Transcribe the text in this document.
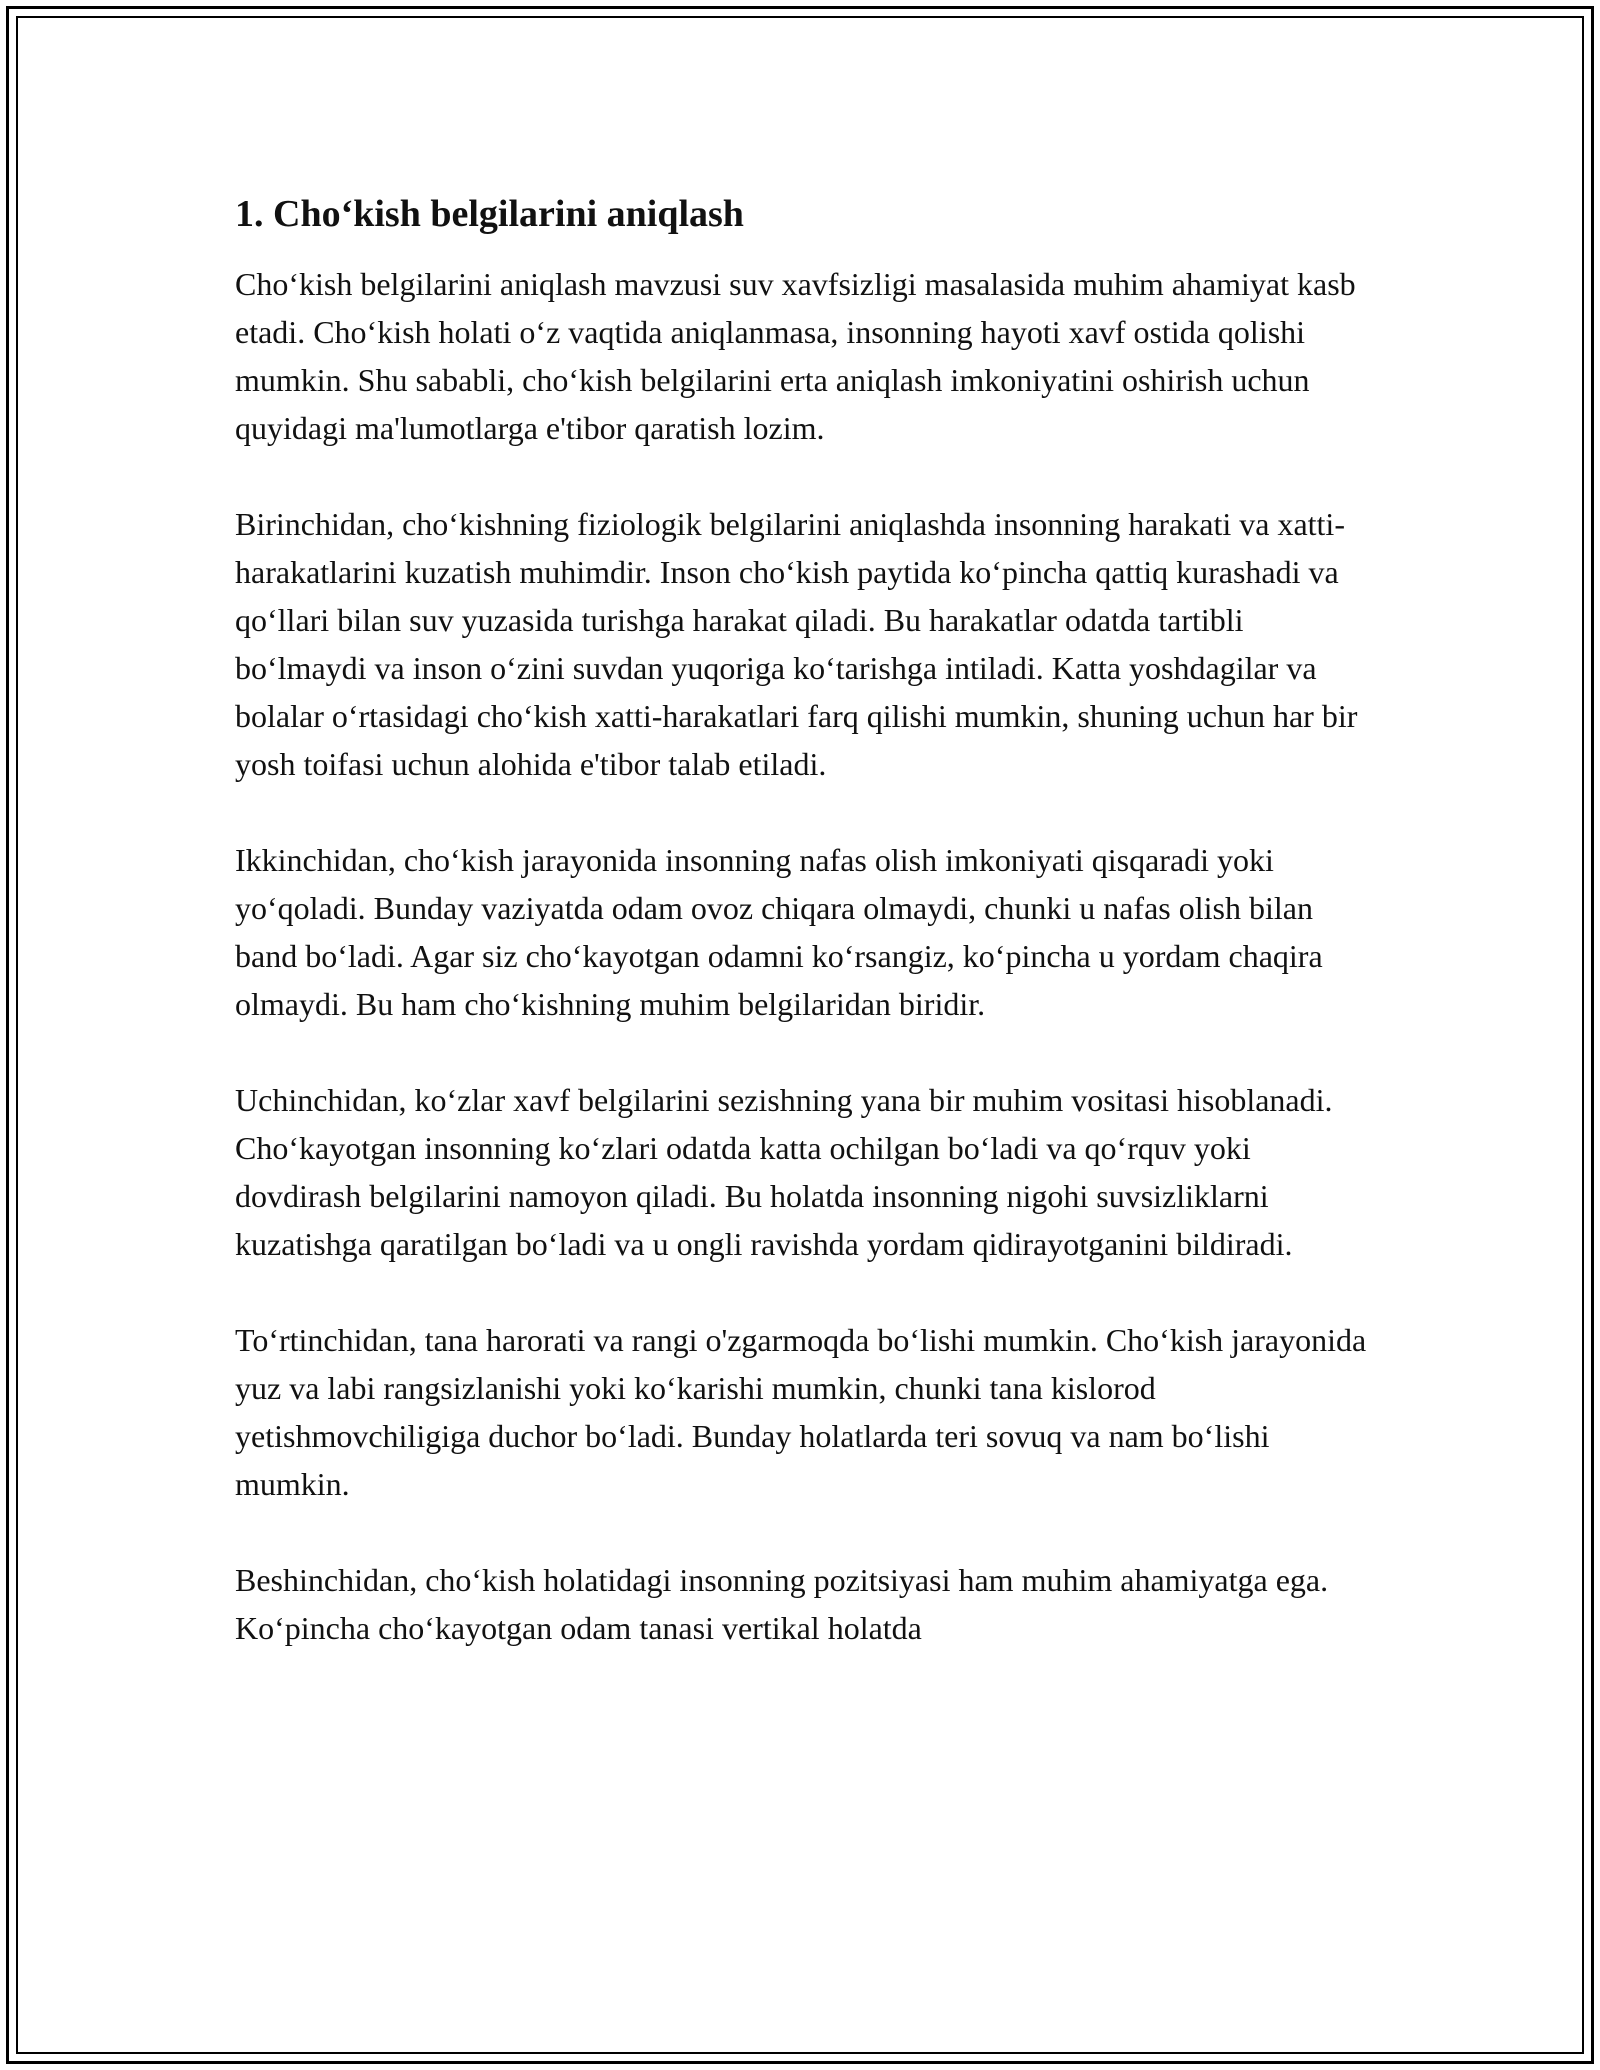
1. Cho‘kish belgilarini aniqlash

Cho‘kish belgilarini aniqlash mavzusi suv xavfsizligi masalasida muhim ahamiyat kasb etadi. Cho‘kish holati o‘z vaqtida aniqlanmasa, insonning hayoti xavf ostida qolishi mumkin. Shu sababli, cho‘kish belgilarini erta aniqlash imkoniyatini oshirish uchun quyidagi ma'lumotlarga e'tibor qaratish lozim.

Birinchidan, cho‘kishning fiziologik belgilarini aniqlashda insonning harakati va xatti-harakatlarini kuzatish muhimdir. Inson cho‘kish paytida ko‘pincha qattiq kurashadi va qo‘llari bilan suv yuzasida turishga harakat qiladi. Bu harakatlar odatda tartibli bo‘lmaydi va inson o‘zini suvdan yuqoriga ko‘tarishga intiladi. Katta yoshdagilar va bolalar o‘rtasidagi cho‘kish xatti-harakatlari farq qilishi mumkin, shuning uchun har bir yosh toifasi uchun alohida e'tibor talab etiladi.

Ikkinchidan, cho‘kish jarayonida insonning nafas olish imkoniyati qisqaradi yoki yo‘qoladi. Bunday vaziyatda odam ovoz chiqara olmaydi, chunki u nafas olish bilan band bo‘ladi. Agar siz cho‘kayotgan odamni ko‘rsangiz, ko‘pincha u yordam chaqira olmaydi. Bu ham cho‘kishning muhim belgilaridan biridir.

Uchinchidan, ko‘zlar xavf belgilarini sezishning yana bir muhim vositasi hisoblanadi. Cho‘kayotgan insonning ko‘zlari odatda katta ochilgan bo‘ladi va qo‘rquv yoki dovdirash belgilarini namoyon qiladi. Bu holatda insonning nigohi suvsizliklarni kuzatishga qaratilgan bo‘ladi va u ongli ravishda yordam qidirayotganini bildiradi.

To‘rtinchidan, tana harorati va rangi o'zgarmoqda bo‘lishi mumkin. Cho‘kish jarayonida yuz va labi rangsizlanishi yoki ko‘karishi mumkin, chunki tana kislorod yetishmovchiligiga duchor bo‘ladi. Bunday holatlarda teri sovuq va nam bo‘lishi mumkin.

Beshinchidan, cho‘kish holatidagi insonning pozitsiyasi ham muhim ahamiyatga ega. Ko‘pincha cho‘kayotgan odam tanasi vertikal holatda
